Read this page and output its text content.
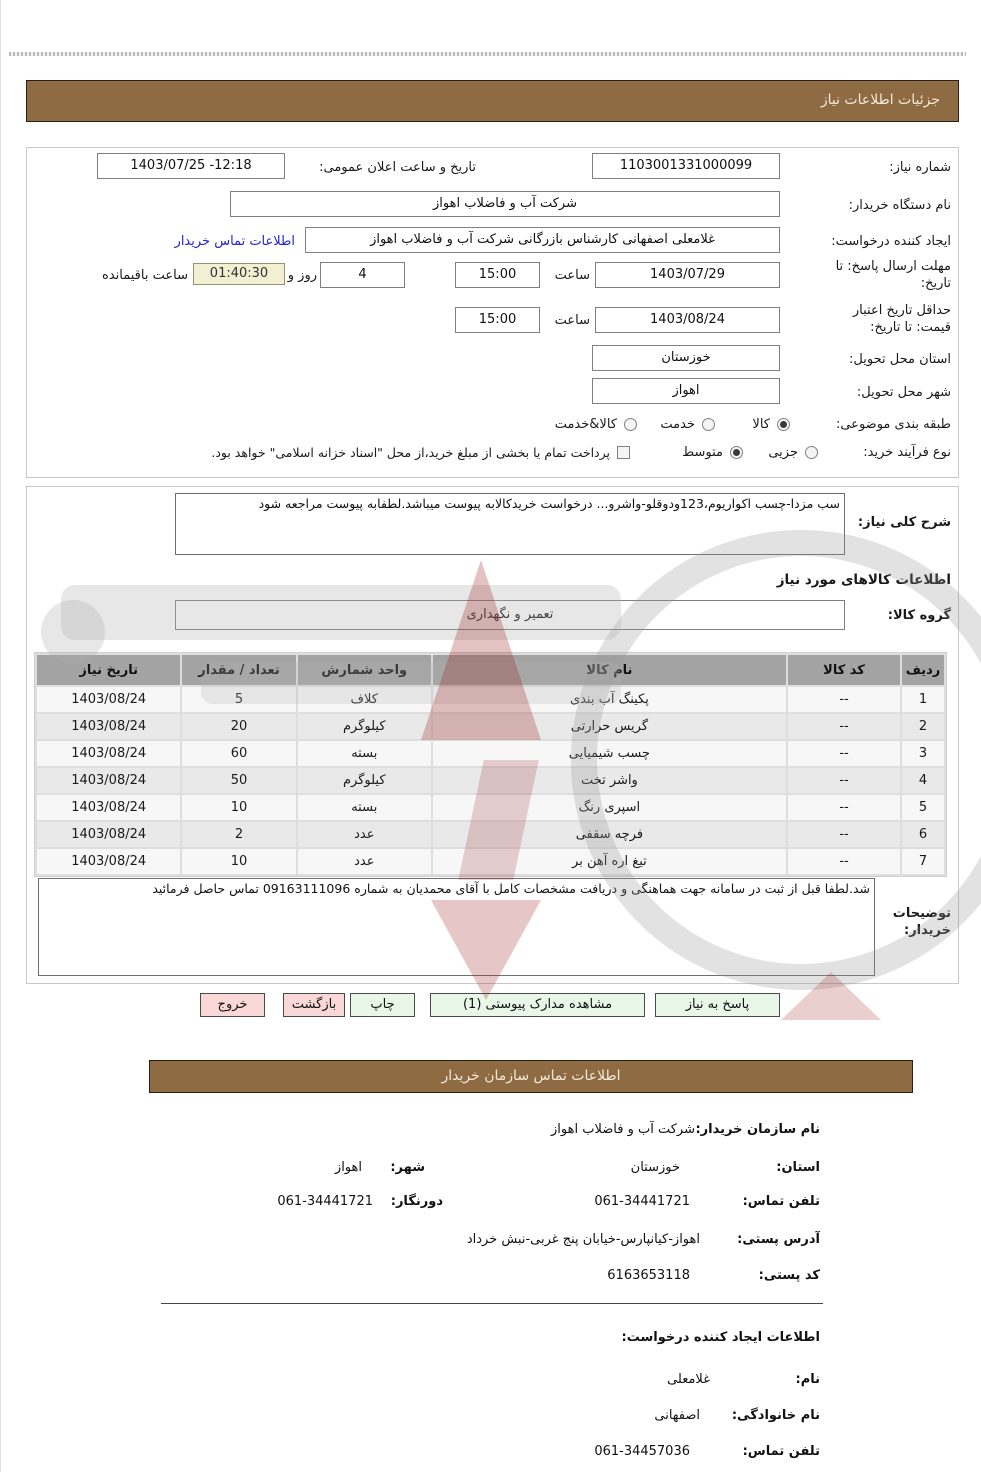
جزئیات اطلاعات نیاز
شماره نیاز:
1103001331000099
تاریخ و ساعت اعلان عمومی:
1403/07/25 -12:18
نام دستگاه خریدار:
شرکت آب و فاضلاب اهواز
ایجاد کننده درخواست:
غلامعلی اصفهانی کارشناس بازرگانی شرکت آب و فاضلاب اهواز
اطلاعات تماس خریدار
مهلت ارسال پاسخ: تا تاریخ:
1403/07/29
ساعت
15:00
4
روز و
01:40:30
ساعت باقیمانده
حداقل تاریخ اعتبار قیمت: تا تاریخ:
1403/08/24
ساعت
15:00
استان محل تحویل:
خوزستان
شهر محل تحویل:
اهواز
طبقه بندی موضوعی:
کالا
خدمت
کالا&خدمت
نوع فرآیند خرید:
جزیی
متوسط
پرداخت تمام یا بخشی از مبلغ خرید،از محل "اسناد خزانه اسلامی" خواهد بود.
سب مزدا-چسب اکواریوم،123ودوقلو-واشرو... درخواست خریدکالابه پیوست میباشد.لطفابه پیوست مراجعه شود
شرح کلی نیاز:
اطلاعات کالاهای مورد نیاز
گروه کالا:
تعمیر و نگهداری
ردیف	کد کالا	نام کالا	واحد شمارش	تعداد / مقدار	تاریخ نیاز
1	--	پکینگ آب بندی	کلاف	5	1403/08/24
2	--	گریس حرارتی	کیلوگرم	20	1403/08/24
3	--	چسب شیمیایی	بسته	60	1403/08/24
4	--	واشر تخت	کیلوگرم	50	1403/08/24
5	--	اسپری رنگ	بسته	10	1403/08/24
6	--	فرچه سقفی	عدد	2	1403/08/24
7	--	تیغ اره آهن بر	عدد	10	1403/08/24
شد.لطفا قبل از ثبت در سامانه جهت هماهنگی و دریافت مشخصات کامل با آقای محمدیان به شماره 09163111096 تماس حاصل فرمائید
توضیحات خریدار:
پاسخ به نیاز
مشاهده مدارک پیوستی (1)
چاپ
بازگشت
خروج
اطلاعات تماس سازمان خریدار
نام سازمان خریدار:
شرکت آب و فاضلاب اهواز
استان:
خوزستان
شهر:
اهواز
تلفن تماس:
061-34441721
دورنگار:
061-34441721
آدرس پستی:
اهواز-کیانپارس-خیابان پنج غربی-نبش خرداد
کد پستی:
6163653118
اطلاعات ایجاد کننده درخواست:
نام:
غلامعلی
نام خانوادگی:
اصفهانی
تلفن تماس:
061-34457036
